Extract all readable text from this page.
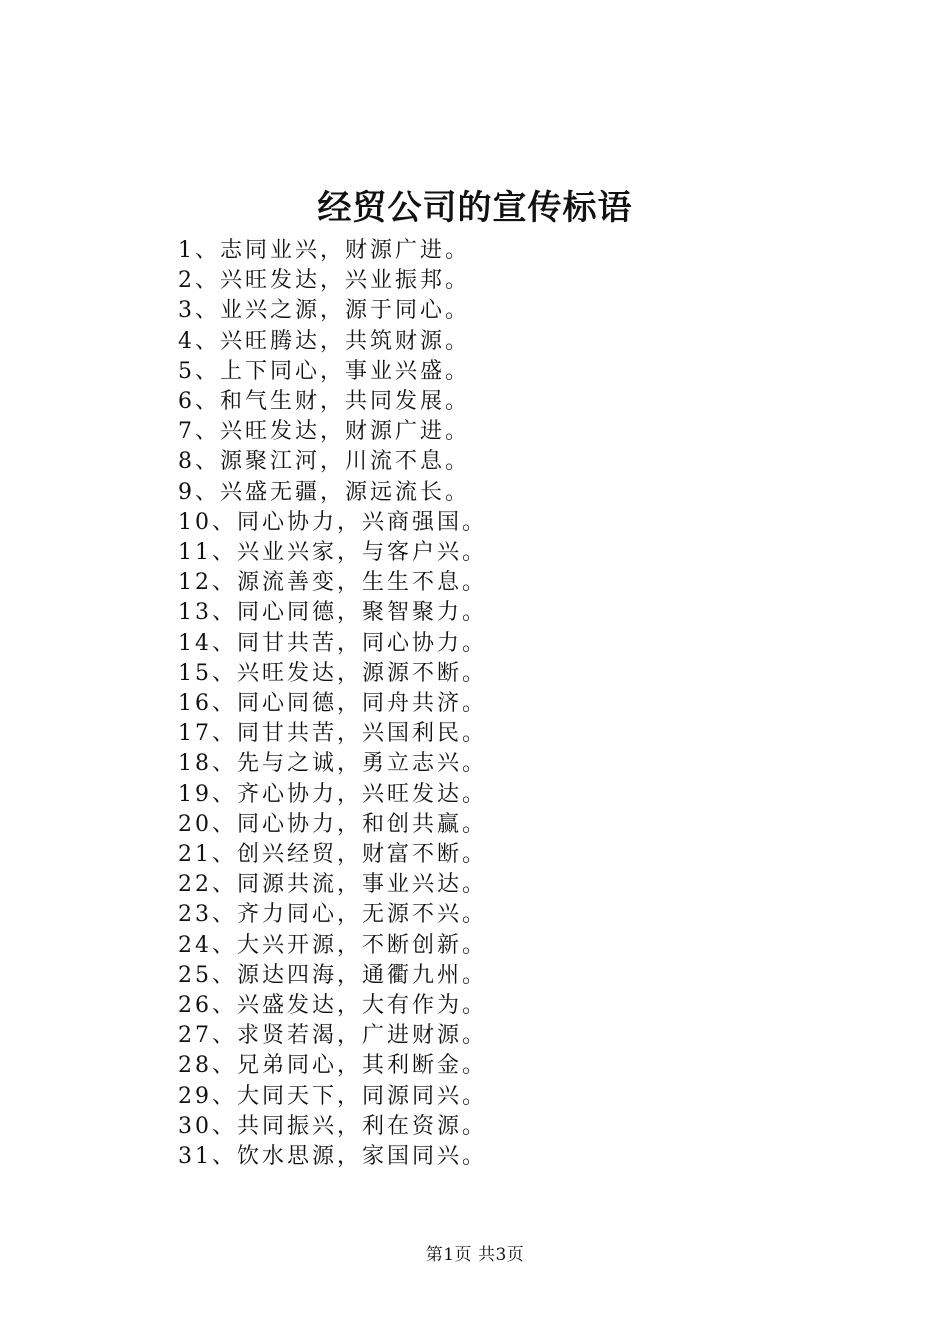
经贸公司的宣传标语
1、志同业兴，财源广进。
2、兴旺发达，兴业振邦。
3、业兴之源，源于同心。
4、兴旺腾达，共筑财源。
5、上下同心，事业兴盛。
6、和气生财，共同发展。
7、兴旺发达，财源广进。
8、源聚江河，川流不息。
9、兴盛无疆，源远流长。
10、同心协力，兴商强国。
11、兴业兴家，与客户兴。
12、源流善变，生生不息。
13、同心同德，聚智聚力。
14、同甘共苦，同心协力。
15、兴旺发达，源源不断。
16、同心同德，同舟共济。
17、同甘共苦，兴国利民。
18、先与之诚，勇立志兴。
19、齐心协力，兴旺发达。
20、同心协力，和创共赢。
21、创兴经贸，财富不断。
22、同源共流，事业兴达。
23、齐力同心，无源不兴。
24、大兴开源，不断创新。
25、源达四海，通衢九州。
26、兴盛发达，大有作为。
27、求贤若渴，广进财源。
28、兄弟同心，其利断金。
29、大同天下，同源同兴。
30、共同振兴，利在资源。
31、饮水思源，家国同兴。
第1页 共3页
